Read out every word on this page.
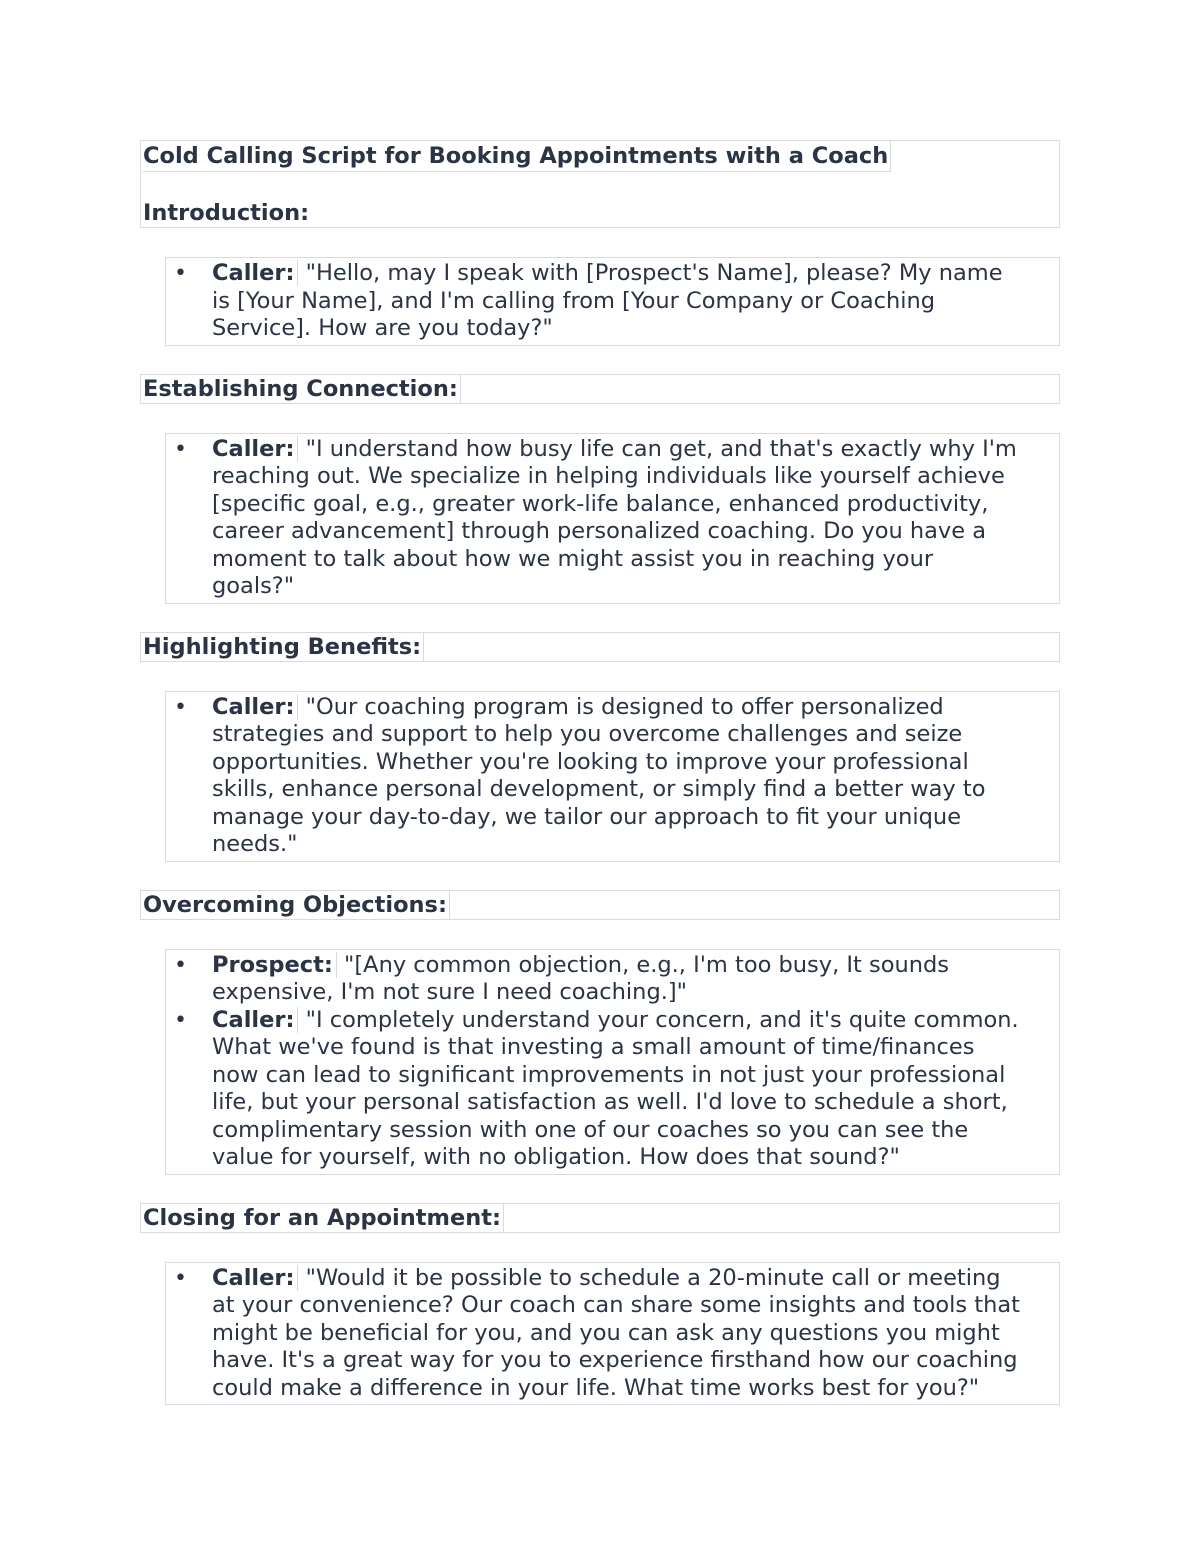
Cold Calling Script for Booking Appointments with a Coach
Introduction:
• Caller: "Hello, may I speak with [Prospect's Name], please? My name
is [Your Name], and I'm calling from [Your Company or Coaching
Service]. How are you today?"
Establishing Connection:
• Caller: "I understand how busy life can get, and that's exactly why I'm
reaching out. We specialize in helping individuals like yourself achieve
[specific goal, e.g., greater work-life balance, enhanced productivity,
career advancement] through personalized coaching. Do you have a
moment to talk about how we might assist you in reaching your
goals?"
Highlighting Benefits:
• Caller: "Our coaching program is designed to offer personalized
strategies and support to help you overcome challenges and seize
opportunities. Whether you're looking to improve your professional
skills, enhance personal development, or simply find a better way to
manage your day-to-day, we tailor our approach to fit your unique
needs."
Overcoming Objections:
• Prospect: "[Any common objection, e.g., I'm too busy, It sounds
expensive, I'm not sure I need coaching.]"
• Caller: "I completely understand your concern, and it's quite common.
What we've found is that investing a small amount of time/finances
now can lead to significant improvements in not just your professional
life, but your personal satisfaction as well. I'd love to schedule a short,
complimentary session with one of our coaches so you can see the
value for yourself, with no obligation. How does that sound?"
Closing for an Appointment:
• Caller: "Would it be possible to schedule a 20-minute call or meeting
at your convenience? Our coach can share some insights and tools that
might be beneficial for you, and you can ask any questions you might
have. It's a great way for you to experience firsthand how our coaching
could make a difference in your life. What time works best for you?"
